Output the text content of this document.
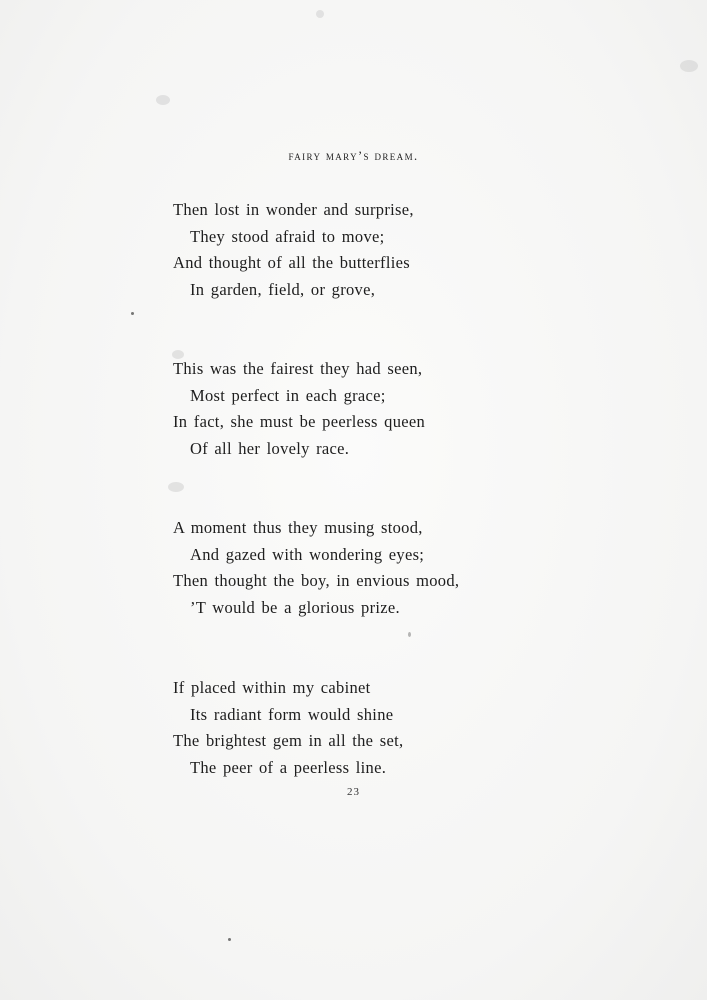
fairy mary’s dream.
Then lost in wonder and surprise,
They stood afraid to move;
And thought of all the butterflies
In garden, field, or grove,
This was the fairest they had seen,
Most perfect in each grace;
In fact, she must be peerless queen
Of all her lovely race.
A moment thus they musing stood,
And gazed with wondering eyes;
Then thought the boy, in envious mood,
’T would be a glorious prize.
If placed within my cabinet
Its radiant form would shine
The brightest gem in all the set,
The peer of a peerless line.
23
